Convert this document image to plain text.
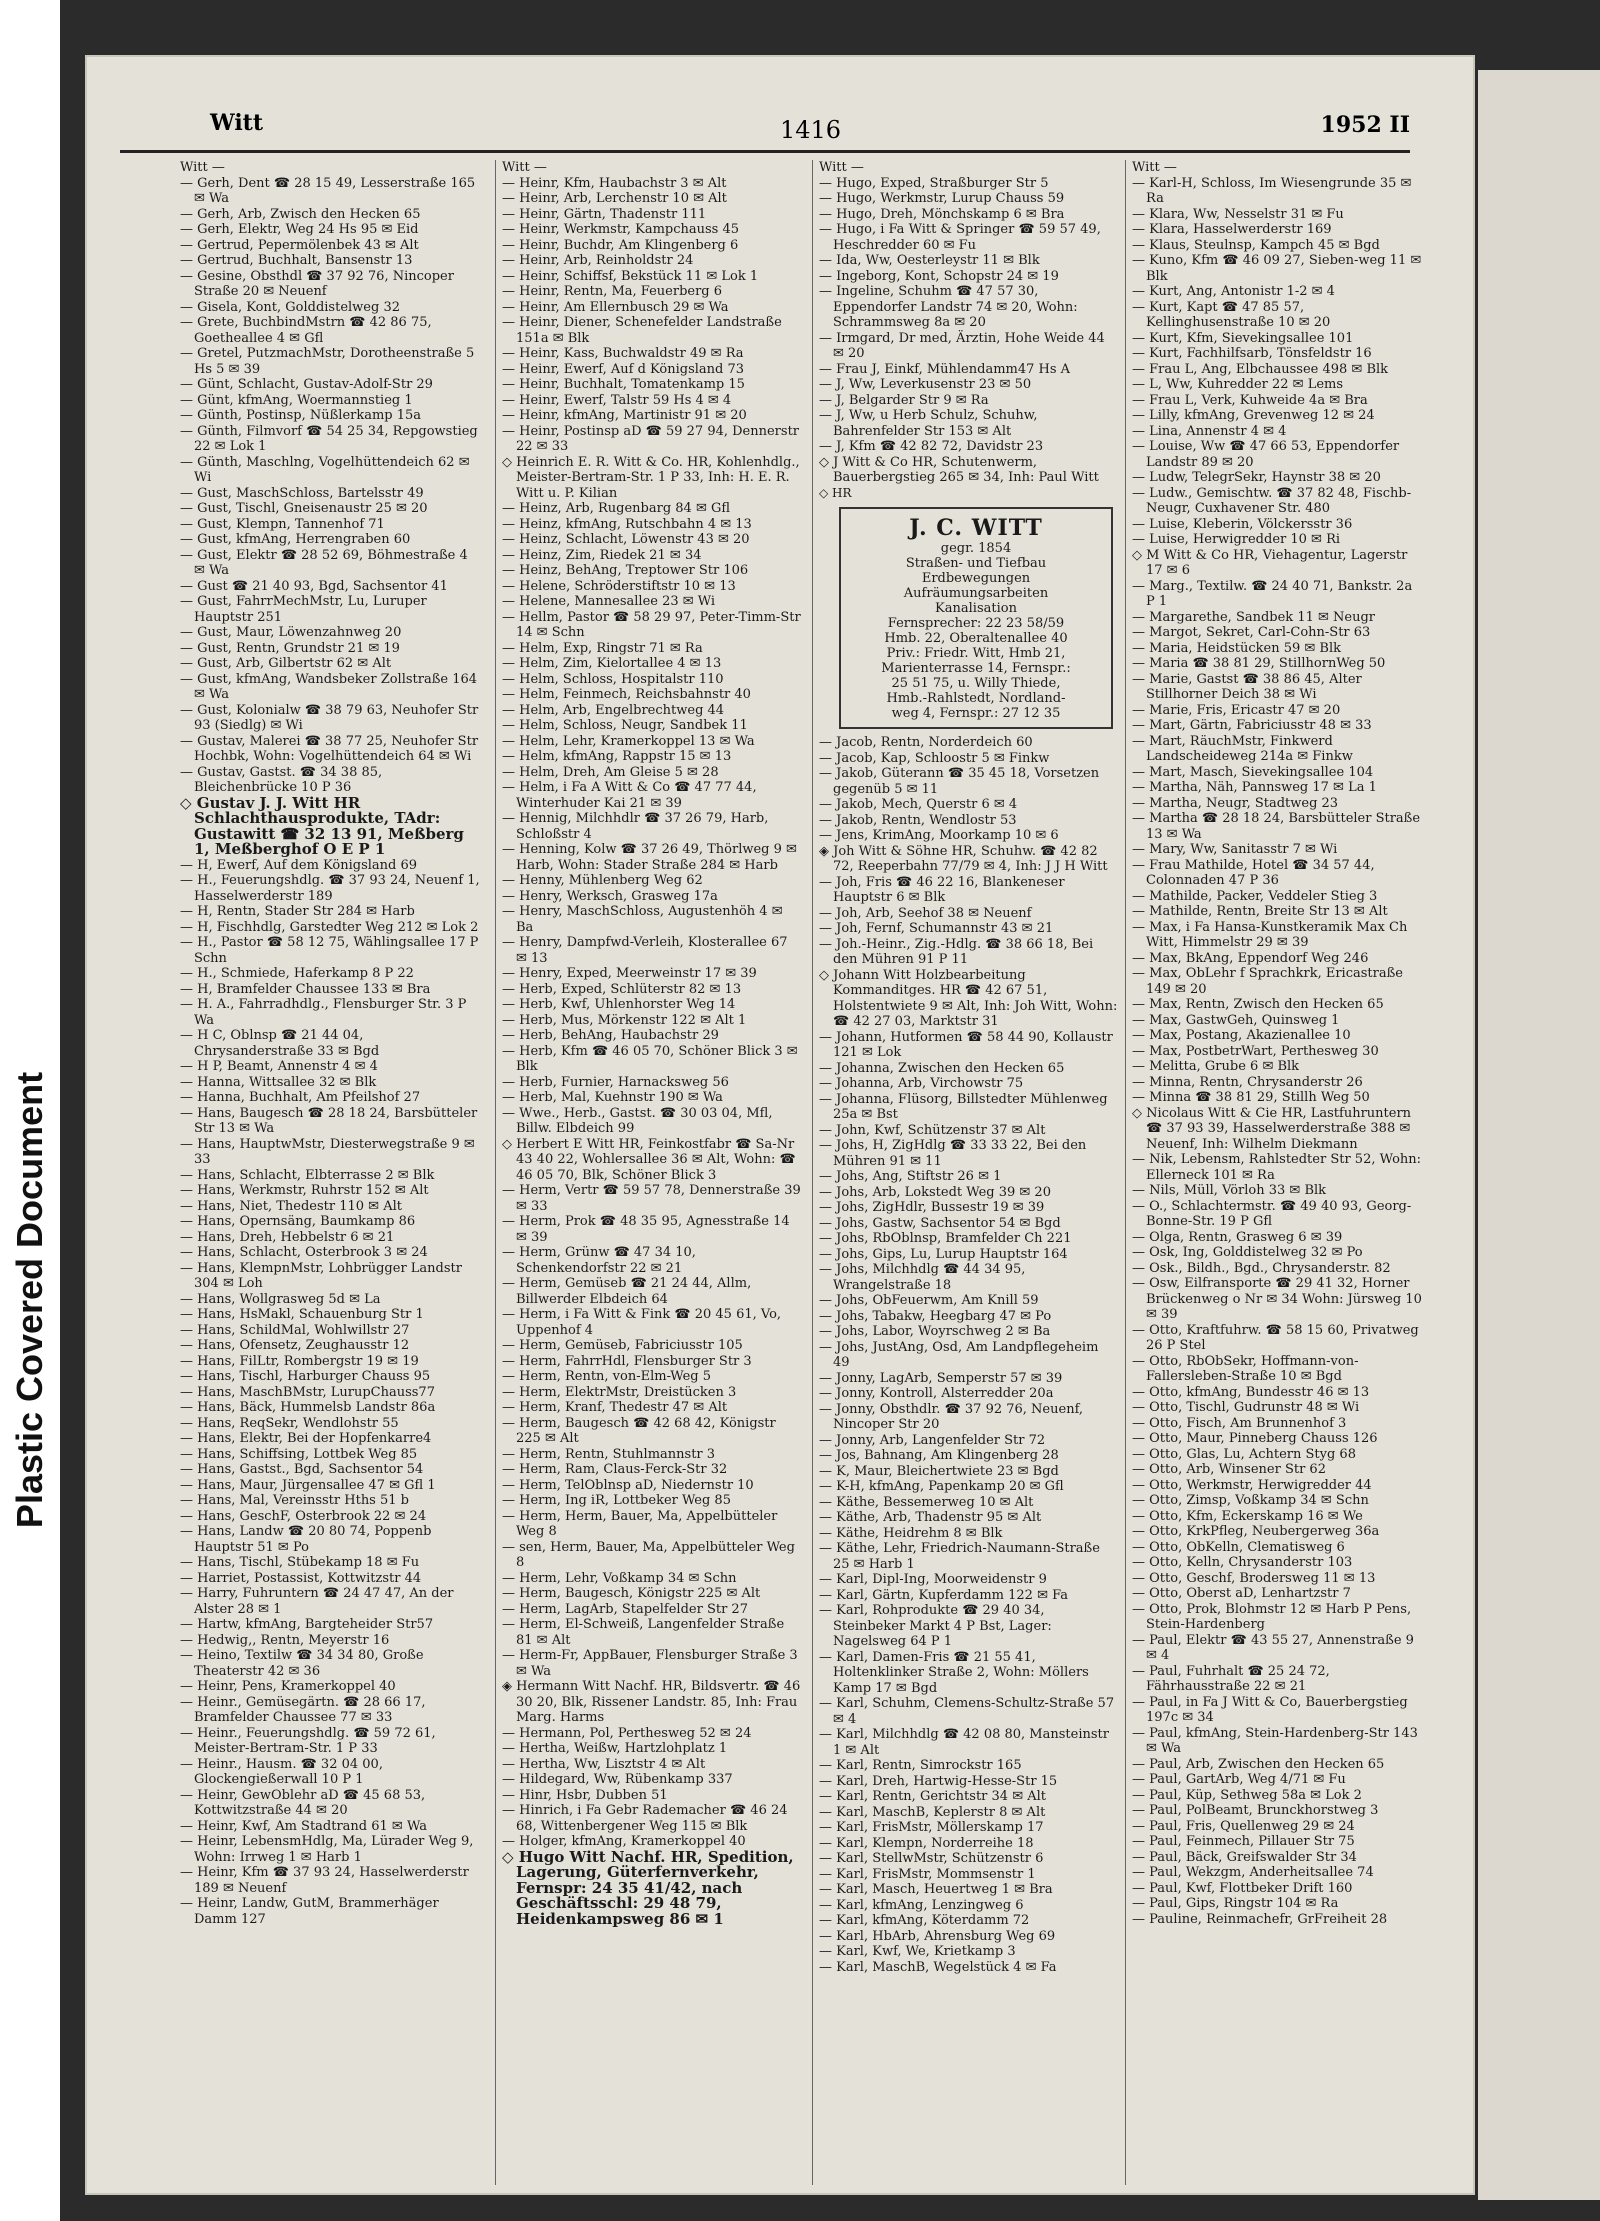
Plastic Covered Document
Witt	1416	1952 II
Witt —
— Gerh, Dent ☎ 28 15 49, Lesserstraße 165 ✉ Wa
— Gerh, Arb, Zwisch den Hecken 65
— Gerh, Elektr, Weg 24 Hs 95 ✉ Eid
— Gertrud, Pepermölenbek 43 ✉ Alt
— Gertrud, Buchhalt, Bansenstr 13
— Gesine, Obsthdl ☎ 37 92 76, Nincoper Straße 20 ✉ Neuenf
— Gisela, Kont, Golddistelweg 32
— Grete, BuchbindMstrn ☎ 42 86 75, Goetheallee 4 ✉ Gfl
— Gretel, PutzmachMstr, Dorotheenstraße 5 Hs 5 ✉ 39
— Günt, Schlacht, Gustav-Adolf-Str 29
— Günt, kfmAng, Woermannstieg 1
— Günth, Postinsp, Nüßlerkamp 15a
— Günth, Filmvorf ☎ 54 25 34, Repgowstieg 22 ✉ Lok 1
— Günth, Maschlng, Vogelhüttendeich 62 ✉ Wi
— Gust, MaschSchloss, Bartelsstr 49
— Gust, Tischl, Gneisenaustr 25 ✉ 20
— Gust, Klempn, Tannenhof 71
— Gust, kfmAng, Herrengraben 60
— Gust, Elektr ☎ 28 52 69, Böhmestraße 4 ✉ Wa
— Gust ☎ 21 40 93, Bgd, Sachsentor 41
— Gust, FahrrMechMstr, Lu, Luruper Hauptstr 251
— Gust, Maur, Löwenzahnweg 20
— Gust, Rentn, Grundstr 21 ✉ 19
— Gust, Arb, Gilbertstr 62 ✉ Alt
— Gust, kfmAng, Wandsbeker Zollstraße 164 ✉ Wa
— Gust, Kolonialw ☎ 38 79 63, Neuhofer Str 93 (Siedlg) ✉ Wi
— Gustav, Malerei ☎ 38 77 25, Neuhofer Str Hochbk, Wohn: Vogelhüttendeich 64 ✉ Wi
— Gustav, Gastst. ☎ 34 38 85, Bleichenbrücke 10 P 36
◇ Gustav J. J. Witt HR Schlachthausprodukte, TAdr: Gustawitt ☎ 32 13 91, Meßberg 1, Meßberghof O E P 1
— H, Ewerf, Auf dem Königsland 69
— H., Feuerungshdlg. ☎ 37 93 24, Neuenf 1, Hasselwerderstr 189
— H, Rentn, Stader Str 284 ✉ Harb
— H, Fischhdlg, Garstedter Weg 212 ✉ Lok 2
— H., Pastor ☎ 58 12 75, Wählingsallee 17 P Schn
— H., Schmiede, Haferkamp 8 P 22
— H, Bramfelder Chaussee 133 ✉ Bra
— H. A., Fahrradhdlg., Flensburger Str. 3 P Wa
— H C, Oblnsp ☎ 21 44 04, Chrysanderstraße 33 ✉ Bgd
— H P, Beamt, Annenstr 4 ✉ 4
— Hanna, Wittsallee 32 ✉ Blk
— Hanna, Buchhalt, Am Pfeilshof 27
— Hans, Baugesch ☎ 28 18 24, Barsbütteler Str 13 ✉ Wa
— Hans, HauptwMstr, Diesterwegstraße 9 ✉ 33
— Hans, Schlacht, Elbterrasse 2 ✉ Blk
— Hans, Werkmstr, Ruhrstr 152 ✉ Alt
— Hans, Niet, Thedestr 110 ✉ Alt
— Hans, Opernsäng, Baumkamp 86
— Hans, Dreh, Hebbelstr 6 ✉ 21
— Hans, Schlacht, Osterbrook 3 ✉ 24
— Hans, KlempnMstr, Lohbrügger Landstr 304 ✉ Loh
— Hans, Wollgrasweg 5d ✉ La
— Hans, HsMakl, Schauenburg Str 1
— Hans, SchildMal, Wohlwillstr 27
— Hans, Ofensetz, Zeughausstr 12
— Hans, FilLtr, Rombergstr 19 ✉ 19
— Hans, Tischl, Harburger Chauss 95
— Hans, MaschBMstr, LurupChauss77
— Hans, Bäck, Hummelsb Landstr 86a
— Hans, ReqSekr, Wendlohstr 55
— Hans, Elektr, Bei der Hopfenkarre4
— Hans, Schiffsing, Lottbek Weg 85
— Hans, Gastst., Bgd, Sachsentor 54
— Hans, Maur, Jürgensallee 47 ✉ Gfl 1
— Hans, Mal, Vereinsstr Hths 51 b
— Hans, GeschF, Osterbrook 22 ✉ 24
— Hans, Landw ☎ 20 80 74, Poppenb Hauptstr 51 ✉ Po
— Hans, Tischl, Stübekamp 18 ✉ Fu
— Harriet, Postassist, Kottwitzstr 44
— Harry, Fuhruntern ☎ 24 47 47, An der Alster 28 ✉ 1
— Hartw, kfmAng, Bargteheider Str57
— Hedwig,, Rentn, Meyerstr 16
— Heino, Textilw ☎ 34 34 80, Große Theaterstr 42 ✉ 36
— Heinr, Pens, Kramerkoppel 40
— Heinr., Gemüsegärtn. ☎ 28 66 17, Bramfelder Chaussee 77 ✉ 33
— Heinr., Feuerungshdlg. ☎ 59 72 61, Meister-Bertram-Str. 1 P 33
— Heinr., Hausm. ☎ 32 04 00, Glockengießerwall 10 P 1
— Heinr, GewOblehr aD ☎ 45 68 53, Kottwitzstraße 44 ✉ 20
— Heinr, Kwf, Am Stadtrand 61 ✉ Wa
— Heinr, LebensmHdlg, Ma, Lürader Weg 9, Wohn: Irrweg 1 ✉ Harb 1
— Heinr, Kfm ☎ 37 93 24, Hasselwerderstr 189 ✉ Neuenf
— Heinr, Landw, GutM, Brammerhäger Damm 127
Witt —
— Heinr, Kfm, Haubachstr 3 ✉ Alt
— Heinr, Arb, Lerchenstr 10 ✉ Alt
— Heinr, Gärtn, Thadenstr 111
— Heinr, Werkmstr, Kampchauss 45
— Heinr, Buchdr, Am Klingenberg 6
— Heinr, Arb, Reinholdstr 24
— Heinr, Schiffsf, Bekstück 11 ✉ Lok 1
— Heinr, Rentn, Ma, Feuerberg 6
— Heinr, Am Ellernbusch 29 ✉ Wa
— Heinr, Diener, Schenefelder Landstraße 151a ✉ Blk
— Heinr, Kass, Buchwaldstr 49 ✉ Ra
— Heinr, Ewerf, Auf d Königsland 73
— Heinr, Buchhalt, Tomatenkamp 15
— Heinr, Ewerf, Talstr 59 Hs 4 ✉ 4
— Heinr, kfmAng, Martinistr 91 ✉ 20
— Heinr, Postinsp aD ☎ 59 27 94, Dennerstr 22 ✉ 33
◇ Heinrich E. R. Witt & Co. HR, Kohlenhdlg., Meister-Bertram-Str. 1 P 33, Inh: H. E. R. Witt u. P. Kilian
— Heinz, Arb, Rugenbarg 84 ✉ Gfl
— Heinz, kfmAng, Rutschbahn 4 ✉ 13
— Heinz, Schlacht, Löwenstr 43 ✉ 20
— Heinz, Zim, Riedek 21 ✉ 34
— Heinz, BehAng, Treptower Str 106
— Helene, Schröderstiftstr 10 ✉ 13
— Helene, Mannesallee 23 ✉ Wi
— Hellm, Pastor ☎ 58 29 97, Peter-Timm-Str 14 ✉ Schn
— Helm, Exp, Ringstr 71 ✉ Ra
— Helm, Zim, Kielortallee 4 ✉ 13
— Helm, Schloss, Hospitalstr 110
— Helm, Feinmech, Reichsbahnstr 40
— Helm, Arb, Engelbrechtweg 44
— Helm, Schloss, Neugr, Sandbek 11
— Helm, Lehr, Kramerkoppel 13 ✉ Wa
— Helm, kfmAng, Rappstr 15 ✉ 13
— Helm, Dreh, Am Gleise 5 ✉ 28
— Helm, i Fa A Witt & Co ☎ 47 77 44, Winterhuder Kai 21 ✉ 39
— Hennig, Milchhdlr ☎ 37 26 79, Harb, Schloßstr 4
— Henning, Kolw ☎ 37 26 49, Thörlweg 9 ✉ Harb, Wohn: Stader Straße 284 ✉ Harb
— Henny, Mühlenberg Weg 62
— Henry, Werksch, Grasweg 17a
— Henry, MaschSchloss, Augustenhöh 4 ✉ Ba
— Henry, Dampfwd-Verleih, Klosterallee 67 ✉ 13
— Henry, Exped, Meerweinstr 17 ✉ 39
— Herb, Exped, Schlüterstr 82 ✉ 13
— Herb, Kwf, Uhlenhorster Weg 14
— Herb, Mus, Mörkenstr 122 ✉ Alt 1
— Herb, BehAng, Haubachstr 29
— Herb, Kfm ☎ 46 05 70, Schöner Blick 3 ✉ Blk
— Herb, Furnier, Harnacksweg 56
— Herb, Mal, Kuehnstr 190 ✉ Wa
— Wwe., Herb., Gastst. ☎ 30 03 04, Mfl, Billw. Elbdeich 99
◇ Herbert E Witt HR, Feinkostfabr ☎ Sa-Nr 43 40 22, Wohlersallee 36 ✉ Alt, Wohn: ☎ 46 05 70, Blk, Schöner Blick 3
— Herm, Vertr ☎ 59 57 78, Dennerstraße 39 ✉ 33
— Herm, Prok ☎ 48 35 95, Agnesstraße 14 ✉ 39
— Herm, Grünw ☎ 47 34 10, Schenkendorfstr 22 ✉ 21
— Herm, Gemüseb ☎ 21 24 44, Allm, Billwerder Elbdeich 64
— Herm, i Fa Witt & Fink ☎ 20 45 61, Vo, Uppenhof 4
— Herm, Gemüseb, Fabriciusstr 105
— Herm, FahrrHdl, Flensburger Str 3
— Herm, Rentn, von-Elm-Weg 5
— Herm, ElektrMstr, Dreistücken 3
— Herm, Kranf, Thedestr 47 ✉ Alt
— Herm, Baugesch ☎ 42 68 42, Königstr 225 ✉ Alt
— Herm, Rentn, Stuhlmannstr 3
— Herm, Ram, Claus-Ferck-Str 32
— Herm, TelOblnsp aD, Niedernstr 10
— Herm, Ing iR, Lottbeker Weg 85
— Herm, Herm, Bauer, Ma, Appelbütteler Weg 8
— sen, Herm, Bauer, Ma, Appelbütteler Weg 8
— Herm, Lehr, Voßkamp 34 ✉ Schn
— Herm, Baugesch, Königstr 225 ✉ Alt
— Herm, LagArb, Stapelfelder Str 27
— Herm, El-Schweiß, Langenfelder Straße 81 ✉ Alt
— Herm-Fr, AppBauer, Flensburger Straße 3 ✉ Wa
◈ Hermann Witt Nachf. HR, Bildsvertr. ☎ 46 30 20, Blk, Rissener Landstr. 85, Inh: Frau Marg. Harms
— Hermann, Pol, Perthesweg 52 ✉ 24
— Hertha, Weißw, Hartzlohplatz 1
— Hertha, Ww, Lisztstr 4 ✉ Alt
— Hildegard, Ww, Rübenkamp 337
— Hinr, Hsbr, Dubben 51
— Hinrich, i Fa Gebr Rademacher ☎ 46 24 68, Wittenbergener Weg 115 ✉ Blk
— Holger, kfmAng, Kramerkoppel 40
◇ Hugo Witt Nachf. HR, Spedition, Lagerung, Güterfernverkehr, Fernspr: 24 35 41/42, nach Geschäftsschl: 29 48 79, Heidenkampsweg 86 ✉ 1
Witt —
— Hugo, Exped, Straßburger Str 5
— Hugo, Werkmstr, Lurup Chauss 59
— Hugo, Dreh, Mönchskamp 6 ✉ Bra
— Hugo, i Fa Witt & Springer ☎ 59 57 49, Heschredder 60 ✉ Fu
— Ida, Ww, Oesterleystr 11 ✉ Blk
— Ingeborg, Kont, Schopstr 24 ✉ 19
— Ingeline, Schuhm ☎ 47 57 30, Eppendorfer Landstr 74 ✉ 20, Wohn: Schrammsweg 8a ✉ 20
— Irmgard, Dr med, Ärztin, Hohe Weide 44 ✉ 20
— Frau J, Einkf, Mühlendamm47 Hs A
— J, Ww, Leverkusenstr 23 ✉ 50
— J, Belgarder Str 9 ✉ Ra
— J, Ww, u Herb Schulz, Schuhw, Bahrenfelder Str 153 ✉ Alt
— J, Kfm ☎ 42 82 72, Davidstr 23
◇ J Witt & Co HR, Schutenwerm, Bauerbergstieg 265 ✉ 34, Inh: Paul Witt
◇ HR
J. C. WITT
gegr. 1854
Straßen- und Tiefbau
Erdbewegungen
Aufräumungsarbeiten
Kanalisation
Fernsprecher: 22 23 58/59
Hmb. 22, Oberaltenallee 40
Priv.: Friedr. Witt, Hmb 21,
Marienterrasse 14, Fernspr.:
25 51 75, u. Willy Thiede,
Hmb.-Rahlstedt, Nordland-
weg 4, Fernspr.: 27 12 35
— Jacob, Rentn, Norderdeich 60
— Jacob, Kap, Schloostr 5 ✉ Finkw
— Jakob, Güterann ☎ 35 45 18, Vorsetzen gegenüb 5 ✉ 11
— Jakob, Mech, Querstr 6 ✉ 4
— Jakob, Rentn, Wendlostr 53
— Jens, KrimAng, Moorkamp 10 ✉ 6
◈ Joh Witt & Söhne HR, Schuhw. ☎ 42 82 72, Reeperbahn 77/79 ✉ 4, Inh: J J H Witt
— Joh, Fris ☎ 46 22 16, Blankeneser Hauptstr 6 ✉ Blk
— Joh, Arb, Seehof 38 ✉ Neuenf
— Joh, Fernf, Schumannstr 43 ✉ 21
— Joh.-Heinr., Zig.-Hdlg. ☎ 38 66 18, Bei den Mühren 91 P 11
◇ Johann Witt Holzbearbeitung Kommanditges. HR ☎ 42 67 51, Holstentwiete 9 ✉ Alt, Inh: Joh Witt, Wohn: ☎ 42 27 03, Marktstr 31
— Johann, Hutformen ☎ 58 44 90, Kollaustr 121 ✉ Lok
— Johanna, Zwischen den Hecken 65
— Johanna, Arb, Virchowstr 75
— Johanna, Flüsorg, Billstedter Mühlenweg 25a ✉ Bst
— John, Kwf, Schützenstr 37 ✉ Alt
— Johs, H, ZigHdlg ☎ 33 33 22, Bei den Mühren 91 ✉ 11
— Johs, Ang, Stiftstr 26 ✉ 1
— Johs, Arb, Lokstedt Weg 39 ✉ 20
— Johs, ZigHdlr, Bussestr 19 ✉ 39
— Johs, Gastw, Sachsentor 54 ✉ Bgd
— Johs, RbOblnsp, Bramfelder Ch 221
— Johs, Gips, Lu, Lurup Hauptstr 164
— Johs, Milchhdlg ☎ 44 34 95, Wrangelstraße 18
— Johs, ObFeuerwm, Am Knill 59
— Johs, Tabakw, Heegbarg 47 ✉ Po
— Johs, Labor, Woyrschweg 2 ✉ Ba
— Johs, JustAng, Osd, Am Landpflegeheim 49
— Jonny, LagArb, Semperstr 57 ✉ 39
— Jonny, Kontroll, Alsterredder 20a
— Jonny, Obsthdlr. ☎ 37 92 76, Neuenf, Nincoper Str 20
— Jonny, Arb, Langenfelder Str 72
— Jos, Bahnang, Am Klingenberg 28
— K, Maur, Bleichertwiete 23 ✉ Bgd
— K-H, kfmAng, Papenkamp 20 ✉ Gfl
— Käthe, Bessemerweg 10 ✉ Alt
— Käthe, Arb, Thadenstr 95 ✉ Alt
— Käthe, Heidrehm 8 ✉ Blk
— Käthe, Lehr, Friedrich-Naumann-Straße 25 ✉ Harb 1
— Karl, Dipl-Ing, Moorweidenstr 9
— Karl, Gärtn, Kupferdamm 122 ✉ Fa
— Karl, Rohprodukte ☎ 29 40 34, Steinbeker Markt 4 P Bst, Lager: Nagelsweg 64 P 1
— Karl, Damen-Fris ☎ 21 55 41, Holtenklinker Straße 2, Wohn: Möllers Kamp 17 ✉ Bgd
— Karl, Schuhm, Clemens-Schultz-Straße 57 ✉ 4
— Karl, Milchhdlg ☎ 42 08 80, Mansteinstr 1 ✉ Alt
— Karl, Rentn, Simrockstr 165
— Karl, Dreh, Hartwig-Hesse-Str 15
— Karl, Rentn, Gerichtstr 34 ✉ Alt
— Karl, MaschB, Keplerstr 8 ✉ Alt
— Karl, FrisMstr, Möllerskamp 17
— Karl, Klempn, Norderreihe 18
— Karl, StellwMstr, Schützenstr 6
— Karl, FrisMstr, Mommsenstr 1
— Karl, Masch, Heuertweg 1 ✉ Bra
— Karl, kfmAng, Lenzingweg 6
— Karl, kfmAng, Köterdamm 72
— Karl, HbArb, Ahrensburg Weg 69
— Karl, Kwf, We, Krietkamp 3
— Karl, MaschB, Wegelstück 4 ✉ Fa
Witt —
— Karl-H, Schloss, Im Wiesengrunde 35 ✉ Ra
— Klara, Ww, Nesselstr 31 ✉ Fu
— Klara, Hasselwerderstr 169
— Klaus, Steulnsp, Kampch 45 ✉ Bgd
— Kuno, Kfm ☎ 46 09 27, Sieben-weg 11 ✉ Blk
— Kurt, Ang, Antonistr 1-2 ✉ 4
— Kurt, Kapt ☎ 47 85 57, Kellinghusenstraße 10 ✉ 20
— Kurt, Kfm, Sievekingsallee 101
— Kurt, Fachhilfsarb, Tönsfeldstr 16
— Frau L, Ang, Elbchaussee 498 ✉ Blk
— L, Ww, Kuhredder 22 ✉ Lems
— Frau L, Verk, Kuhweide 4a ✉ Bra
— Lilly, kfmAng, Grevenweg 12 ✉ 24
— Lina, Annenstr 4 ✉ 4
— Louise, Ww ☎ 47 66 53, Eppendorfer Landstr 89 ✉ 20
— Ludw, TelegrSekr, Haynstr 38 ✉ 20
— Ludw., Gemischtw. ☎ 37 82 48, Fischb-Neugr, Cuxhavener Str. 480
— Luise, Kleberin, Völckersstr 36
— Luise, Herwigredder 10 ✉ Ri
◇ M Witt & Co HR, Viehagentur, Lagerstr 17 ✉ 6
— Marg., Textilw. ☎ 24 40 71, Bankstr. 2a P 1
— Margarethe, Sandbek 11 ✉ Neugr
— Margot, Sekret, Carl-Cohn-Str 63
— Maria, Heidstücken 59 ✉ Blk
— Maria ☎ 38 81 29, StillhornWeg 50
— Marie, Gastst ☎ 38 86 45, Alter Stillhorner Deich 38 ✉ Wi
— Marie, Fris, Ericastr 47 ✉ 20
— Mart, Gärtn, Fabriciusstr 48 ✉ 33
— Mart, RäuchMstr, Finkwerd Landscheideweg 214a ✉ Finkw
— Mart, Masch, Sievekingsallee 104
— Martha, Näh, Pannsweg 17 ✉ La 1
— Martha, Neugr, Stadtweg 23
— Martha ☎ 28 18 24, Barsbütteler Straße 13 ✉ Wa
— Mary, Ww, Sanitasstr 7 ✉ Wi
— Frau Mathilde, Hotel ☎ 34 57 44, Colonnaden 47 P 36
— Mathilde, Packer, Veddeler Stieg 3
— Mathilde, Rentn, Breite Str 13 ✉ Alt
— Max, i Fa Hansa-Kunstkeramik Max Ch Witt, Himmelstr 29 ✉ 39
— Max, BkAng, Eppendorf Weg 246
— Max, ObLehr f Sprachkrk, Ericastraße 149 ✉ 20
— Max, Rentn, Zwisch den Hecken 65
— Max, GastwGeh, Quinsweg 1
— Max, Postang, Akazienallee 10
— Max, PostbetrWart, Perthesweg 30
— Melitta, Grube 6 ✉ Blk
— Minna, Rentn, Chrysanderstr 26
— Minna ☎ 38 81 29, Stillh Weg 50
◇ Nicolaus Witt & Cie HR, Lastfuhruntern ☎ 37 93 39, Hasselwerderstraße 388 ✉ Neuenf, Inh: Wilhelm Diekmann
— Nik, Lebensm, Rahlstedter Str 52, Wohn: Ellerneck 101 ✉ Ra
— Nils, Müll, Vörloh 33 ✉ Blk
— O., Schlachtermstr. ☎ 49 40 93, Georg-Bonne-Str. 19 P Gfl
— Olga, Rentn, Grasweg 6 ✉ 39
— Osk, Ing, Golddistelweg 32 ✉ Po
— Osk., Bildh., Bgd., Chrysanderstr. 82
— Osw, Eilfransporte ☎ 29 41 32, Horner Brückenweg o Nr ✉ 34 Wohn: Jürsweg 10 ✉ 39
— Otto, Kraftfuhrw. ☎ 58 15 60, Privatweg 26 P Stel
— Otto, RbObSekr, Hoffmann-von-Fallersleben-Straße 10 ✉ Bgd
— Otto, kfmAng, Bundesstr 46 ✉ 13
— Otto, Tischl, Gudrunstr 48 ✉ Wi
— Otto, Fisch, Am Brunnenhof 3
— Otto, Maur, Pinneberg Chauss 126
— Otto, Glas, Lu, Achtern Styg 68
— Otto, Arb, Winsener Str 62
— Otto, Werkmstr, Herwigredder 44
— Otto, Zimsp, Voßkamp 34 ✉ Schn
— Otto, Kfm, Eckerskamp 16 ✉ We
— Otto, KrkPfleg, Neubergerweg 36a
— Otto, ObKelln, Clematisweg 6
— Otto, Kelln, Chrysanderstr 103
— Otto, Geschf, Brodersweg 11 ✉ 13
— Otto, Oberst aD, Lenhartzstr 7
— Otto, Prok, Blohmstr 12 ✉ Harb P Pens, Stein-Hardenberg
— Paul, Elektr ☎ 43 55 27, Annenstraße 9 ✉ 4
— Paul, Fuhrhalt ☎ 25 24 72, Fährhausstraße 22 ✉ 21
— Paul, in Fa J Witt & Co, Bauerbergstieg 197c ✉ 34
— Paul, kfmAng, Stein-Hardenberg-Str 143 ✉ Wa
— Paul, Arb, Zwischen den Hecken 65
— Paul, GartArb, Weg 4/71 ✉ Fu
— Paul, Küp, Sethweg 58a ✉ Lok 2
— Paul, PolBeamt, Brunckhorstweg 3
— Paul, Fris, Quellenweg 29 ✉ 24
— Paul, Feinmech, Pillauer Str 75
— Paul, Bäck, Greifswalder Str 34
— Paul, Wekzgm, Anderheitsallee 74
— Paul, Kwf, Flottbeker Drift 160
— Paul, Gips, Ringstr 104 ✉ Ra
— Pauline, Reinmachefr, GrFreiheit 28
